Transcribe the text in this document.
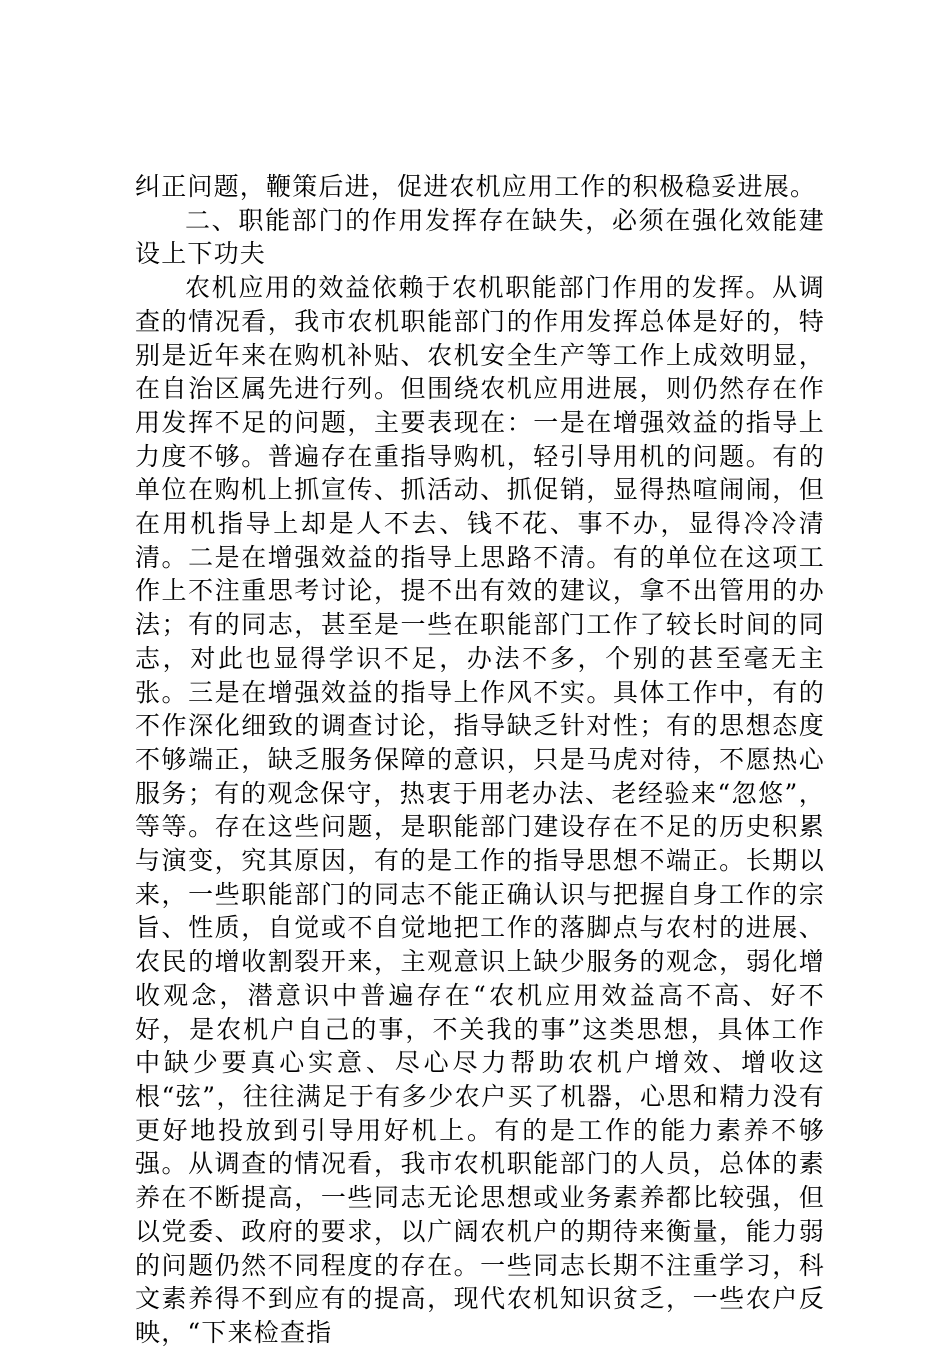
纠正问题，鞭策后进，促进农机应用工作的积极稳妥进展。

二、职能部门的作用发挥存在缺失，必须在强化效能建设上下功夫

农机应用的效益依赖于农机职能部门作用的发挥。从调查的情况看，我市农机职能部门的作用发挥总体是好的，特别是近年来在购机补贴、农机安全生产等工作上成效明显，在自治区属先进行列。但围绕农机应用进展，则仍然存在作用发挥不足的问题，主要表现在：一是在增强效益的指导上力度不够。普遍存在重指导购机，轻引导用机的问题。有的单位在购机上抓宣传、抓活动、抓促销，显得热喧闹闹，但在用机指导上却是人不去、钱不花、事不办，显得冷冷清清。二是在增强效益的指导上思路不清。有的单位在这项工作上不注重思考讨论，提不出有效的建议，拿不出管用的办法；有的同志，甚至是一些在职能部门工作了较长时间的同志，对此也显得学识不足，办法不多，个别的甚至毫无主张。三是在增强效益的指导上作风不实。具体工作中，有的不作深化细致的调查讨论，指导缺乏针对性；有的思想态度不够端正，缺乏服务保障的意识，只是马虎对待，不愿热心服务；有的观念保守，热衷于用老办法、老经验来“忽悠”，等等。存在这些问题，是职能部门建设存在不足的历史积累与演变，究其原因，有的是工作的指导思想不端正。长期以来，一些职能部门的同志不能正确认识与把握自身工作的宗旨、性质，自觉或不自觉地把工作的落脚点与农村的进展、农民的增收割裂开来，主观意识上缺少服务的观念，弱化增收观念，潜意识中普遍存在“农机应用效益高不高、好不好，是农机户自己的事，不关我的事”这类思想，具体工作中缺少要真心实意、尽心尽力帮助农机户增效、增收这根“弦”，往往满足于有多少农户买了机器，心思和精力没有更好地投放到引导用好机上。有的是工作的能力素养不够强。从调查的情况看，我市农机职能部门的人员，总体的素养在不断提高，一些同志无论思想或业务素养都比较强，但以党委、政府的要求，以广阔农机户的期待来衡量，能力弱的问题仍然不同程度的存在。一些同志长期不注重学习，科文素养得不到应有的提高，现代农机知识贫乏，一些农户反映，“下来检查指
